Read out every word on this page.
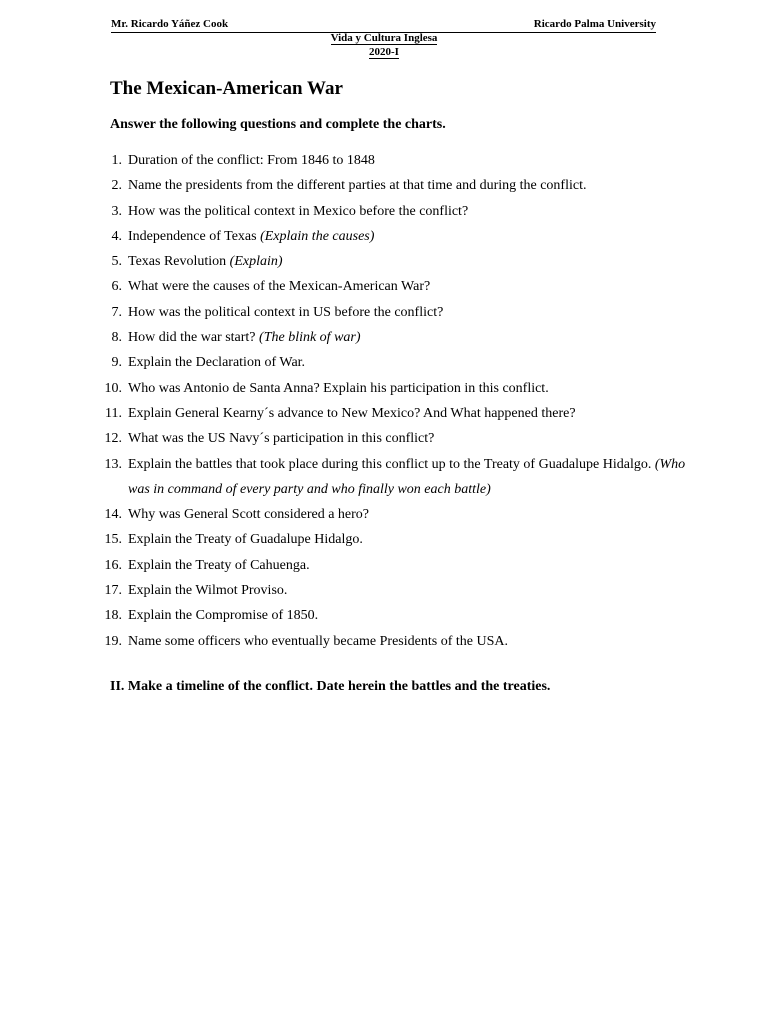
Mr. Ricardo Yáñez Cook	Ricardo Palma University
Vida y Cultura Inglesa
2020-I
The Mexican-American War
Answer the following questions and complete the charts.
1. Duration of the conflict: From 1846 to 1848
2. Name the presidents from the different parties at that time and during the conflict.
3. How was the political context in Mexico before the conflict?
4. Independence of Texas (Explain the causes)
5. Texas Revolution (Explain)
6. What were the causes of the Mexican-American War?
7. How was the political context in US before the conflict?
8. How did the war start? (The blink of war)
9. Explain the Declaration of War.
10. Who was Antonio de Santa Anna? Explain his participation in this conflict.
11. Explain General Kearny´s advance to New Mexico? And What happened there?
12. What was the US Navy´s participation in this conflict?
13. Explain the battles that took place during this conflict up to the Treaty of Guadalupe Hidalgo. (Who was in command of every party and who finally won each battle)
14. Why was General Scott considered a hero?
15. Explain the Treaty of Guadalupe Hidalgo.
16. Explain the Treaty of Cahuenga.
17. Explain the Wilmot Proviso.
18. Explain the Compromise of 1850.
19. Name some officers who eventually became Presidents of the USA.
II. Make a timeline of the conflict. Date herein the battles and the treaties.
